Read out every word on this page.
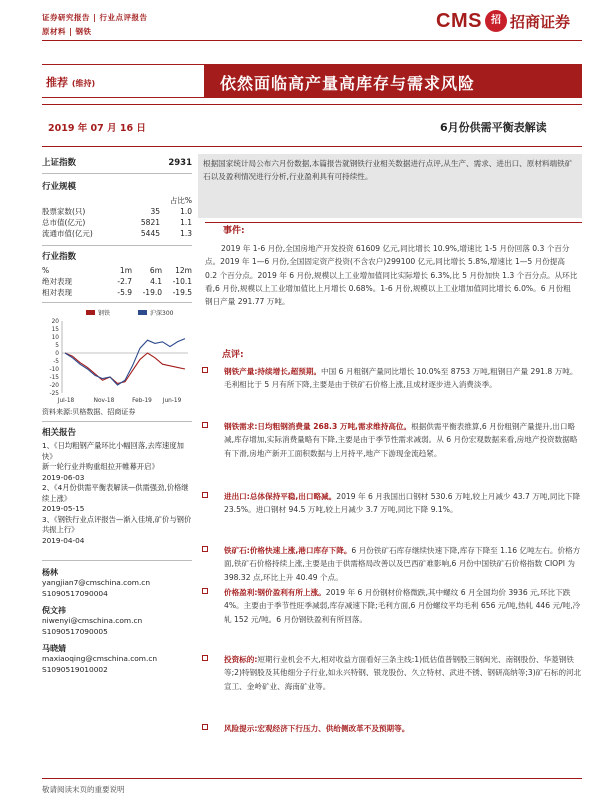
证券研究报告 | 行业点评报告
原材料 | 钢铁	CMS 招 招商证券
推荐 (维持)	依然面临高产量高库存与需求风险
2019 年 07 月 16 日	6月份供需平衡表解读
上证指数	2931
行业规模
占比%
股票家数(只)	35	1.0
总市值(亿元)	5821	1.1
流通市值(亿元)	5445	1.3
行业指数
%	1m	6m	12m
绝对表现	-2.7	4.1	-10.1
相对表现	-5.9	-19.0	-19.5
钢铁	沪深300
20
15
10
5
0
-5
-10
-15
-20
-25
Jul-18	Nov-18	Feb-19 Jun-19
资料来源:贝格数据、招商证券
相关报告
1、《日均粗钢产量环比小幅回落,去库速度加快》
新一轮行业并购重组拉开帷幕开启》
2019-06-03
2、《4月份供需平衡表解读—供需强劲,价格继续上涨》
2019-05-15
3、《钢铁行业点评报告—渐入佳境,矿价与钢价共振上行》
2019-04-04
杨林
yangjian7@cmschina.com.cn
S1090517090004
倪文祎
niwenyi@cmschina.com.cn
S1090517090005
马晓婧
maxiaoqing@cmschina.com.cn
S1090519010002
根据国家统计局公布六月份数据,本篇报告就钢铁行业相关数据进行点评,从生产、需求、进出口、原材料端铁矿石以及盈利情况进行分析,行业盈利具有可持续性。
事件:
2019 年 1-6 月份,全国房地产开发投资 61609 亿元,同比增长 10.9%,增速比 1-5 月份回落 0.3 个百分点。2019 年 1—6 月份,全国固定资产投资(不含农户)299100 亿元,同比增长 5.8%,增速比 1—5 月份提高 0.2 个百分点。2019 年 6 月份,规模以上工业增加值同比实际增长 6.3%,比 5 月份加快 1.3 个百分点。从环比看,6 月份,规模以上工业增加值比上月增长 0.68%。1-6 月份,规模以上工业增加值同比增长 6.0%。6 月份粗钢日产量 291.77 万吨。
点评:
钢铁产量:持续增长,超预期。中国 6 月粗钢产量同比增长 10.0%至 8753 万吨,粗钢日产量 291.8 万吨。毛利相比于 5 月有所下降,主要是由于铁矿石价格上涨,且成材逐步进入消费淡季。
钢铁需求:日均粗钢消费量 268.3 万吨,需求维持高位。根据供需平衡表推算,6 月份粗钢产量提升,出口略减,库存增加,实际消费量略有下降,主要是由于季节性需求减弱。从 6 月份宏观数据来看,房地产投资数据略有下滑,房地产新开工面积数据与上月持平,地产下游现金流趋紧。
进出口:总体保持平稳,出口略减。2019 年 6 月我国出口钢材 530.6 万吨,较上月减少 43.7 万吨,同比下降 23.5%。进口钢材 94.5 万吨,较上月减少 3.7 万吨,同比下降 9.1%。
铁矿石:价格快速上涨,港口库存下降。6 月份铁矿石库存继续快速下降,库存下降至 1.16 亿吨左右。价格方面,铁矿石价格持续上涨,主要是由于供需格局改善以及巴西矿难影响,6 月份中国铁矿石价格指数 CIOPI 为 398.32 点,环比上升 40.49 个点。
价格盈利:钢价盈利有所上涨。2019 年 6 月份钢材价格微跌,其中螺纹 6 月全国均价 3936 元,环比下跌 4%。主要由于季节性旺季减弱,库存减速下降;毛利方面,6 月份螺纹平均毛利 656 元/吨,热轧 446 元/吨,冷轧 152 元/吨。6 月份钢铁盈利有所回落。
投资标的:短期行业机会不大,相对收益方面看好三条主线:1)低估值普钢股三钢闽光、南钢股份、华菱钢铁等;2)特钢股及其他细分子行业,如永兴特钢、银龙股份、久立特材、武进不锈、钢研高纳等;3)矿石标的河北宣工、金岭矿业、海南矿业等。
风险提示:宏观经济下行压力、供给侧改革不及预期等。
敬请阅读末页的重要说明
